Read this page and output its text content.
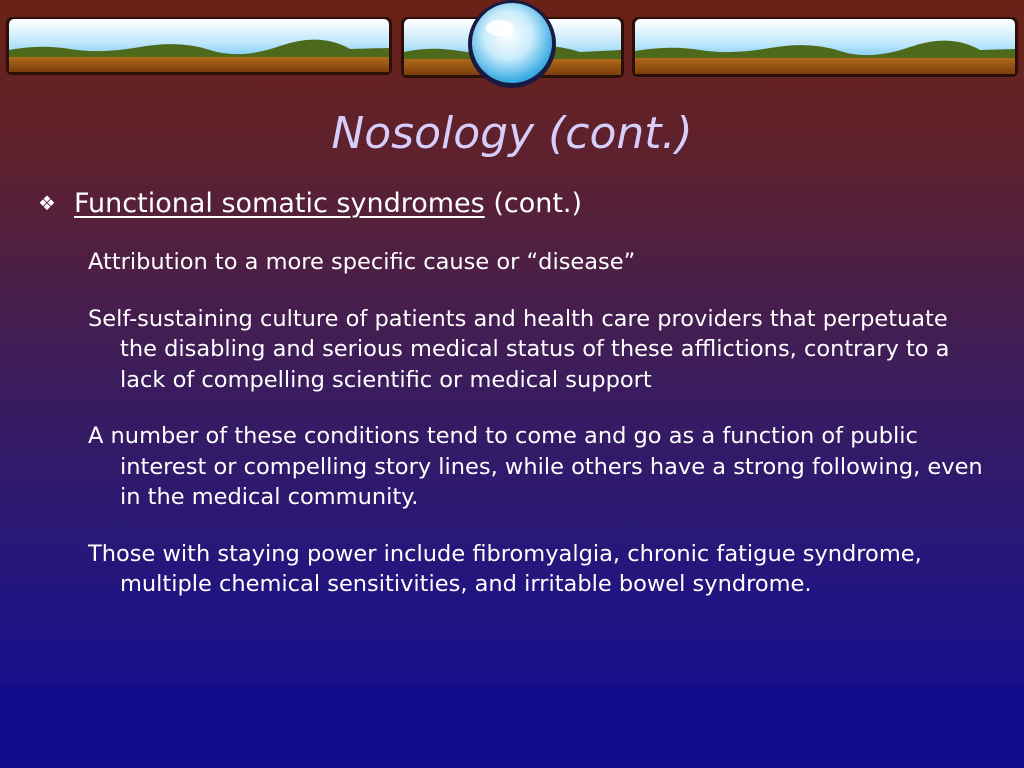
Nosology (cont.)
❖ Functional somatic syndromes (cont.)

Attribution to a more specific cause or “disease”

Self-sustaining culture of patients and health care providers that perpetuate the disabling and serious medical status of these afflictions, contrary to a lack of compelling scientific or medical support

A number of these conditions tend to come and go as a function of public interest or compelling story lines, while others have a strong following, even in the medical community.

Those with staying power include fibromyalgia, chronic fatigue syndrome, multiple chemical sensitivities, and irritable bowel syndrome.
